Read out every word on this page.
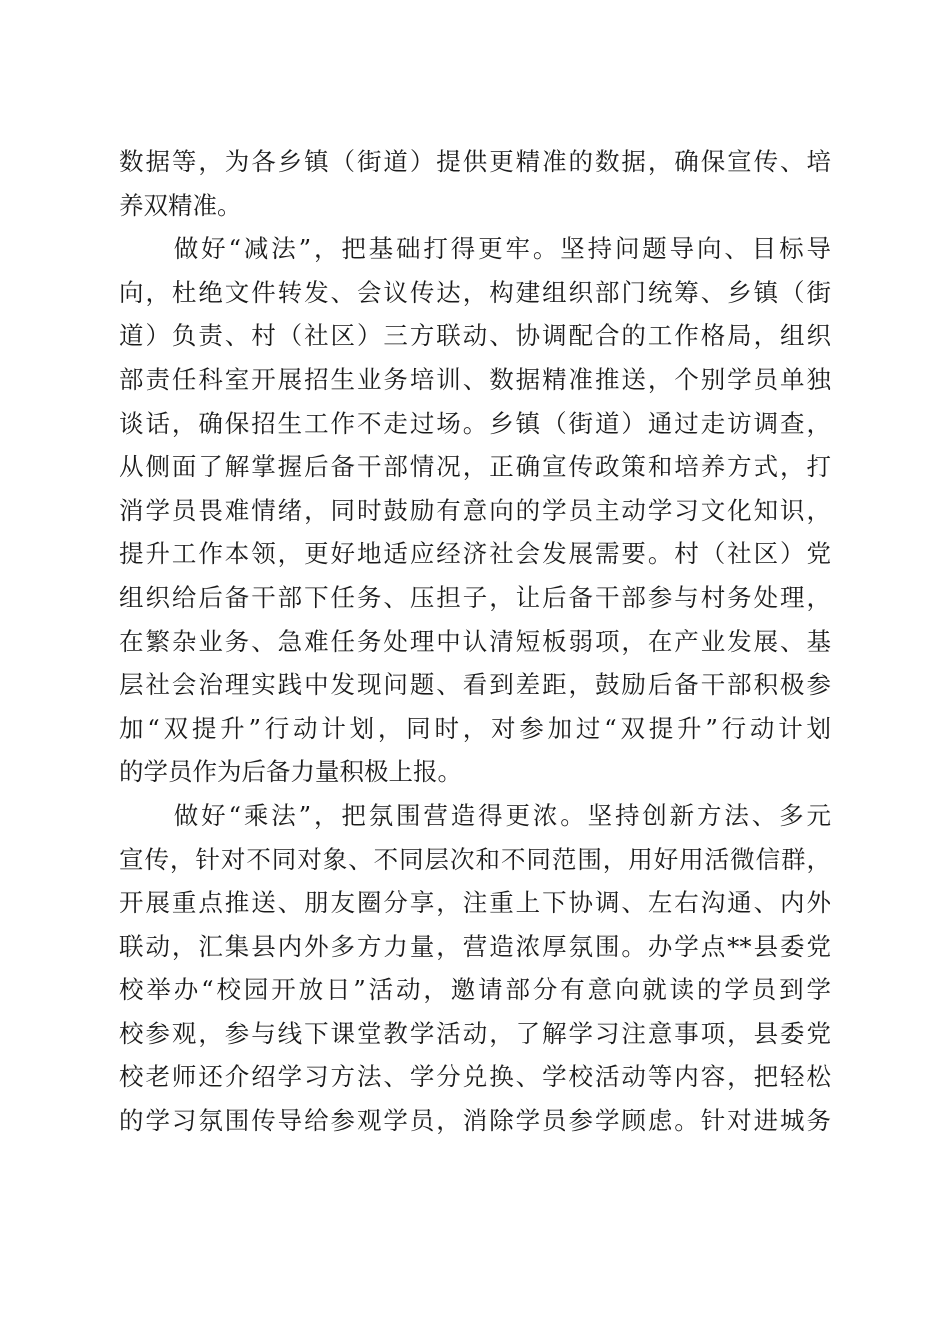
数据等，为各乡镇（街道）提供更精准的数据，确保宣传、培
养双精准。
　　做好“减法”，把基础打得更牢。坚持问题导向、目标导
向，杜绝文件转发、会议传达，构建组织部门统筹、乡镇（街
道）负责、村（社区）三方联动、协调配合的工作格局，组织
部责任科室开展招生业务培训、数据精准推送，个别学员单独
谈话，确保招生工作不走过场。乡镇（街道）通过走访调查，
从侧面了解掌握后备干部情况，正确宣传政策和培养方式，打
消学员畏难情绪，同时鼓励有意向的学员主动学习文化知识，
提升工作本领，更好地适应经济社会发展需要。村（社区）党
组织给后备干部下任务、压担子，让后备干部参与村务处理，
在繁杂业务、急难任务处理中认清短板弱项，在产业发展、基
层社会治理实践中发现问题、看到差距，鼓励后备干部积极参
加“双提升”行动计划，同时，对参加过“双提升”行动计划
的学员作为后备力量积极上报。
　　做好“乘法”，把氛围营造得更浓。坚持创新方法、多元
宣传，针对不同对象、不同层次和不同范围，用好用活微信群，
开展重点推送、朋友圈分享，注重上下协调、左右沟通、内外
联动，汇集县内外多方力量，营造浓厚氛围。办学点**县委党
校举办“校园开放日”活动，邀请部分有意向就读的学员到学
校参观，参与线下课堂教学活动，了解学习注意事项，县委党
校老师还介绍学习方法、学分兑换、学校活动等内容，把轻松
的学习氛围传导给参观学员，消除学员参学顾虑。针对进城务
